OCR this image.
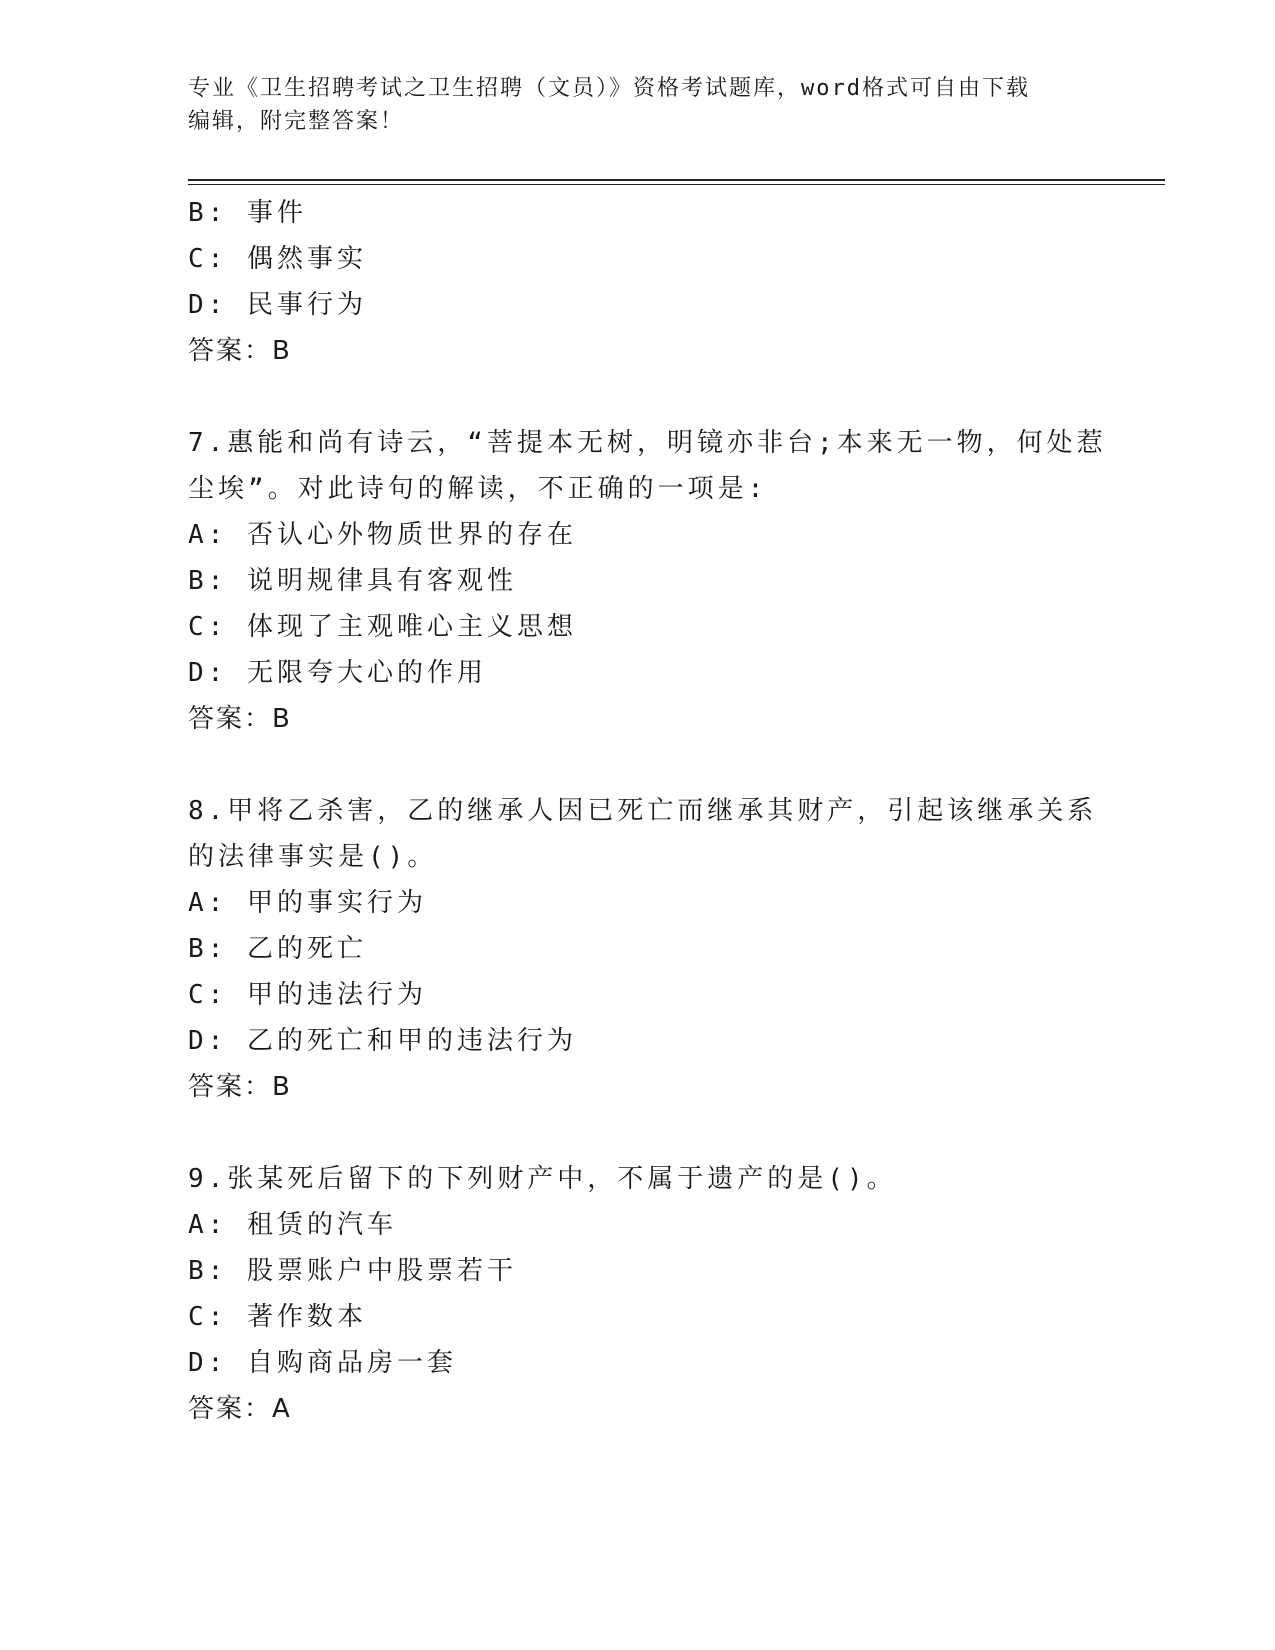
专业《卫生招聘考试之卫生招聘（文员）》资格考试题库，word格式可自由下载
编辑，附完整答案！
B: 事件
C: 偶然事实
D: 民事行为
答案：B
7.惠能和尚有诗云，“菩提本无树，明镜亦非台;本来无一物，何处惹
尘埃”。对此诗句的解读，不正确的一项是:
A: 否认心外物质世界的存在
B: 说明规律具有客观性
C: 体现了主观唯心主义思想
D: 无限夸大心的作用
答案：B
8.甲将乙杀害，乙的继承人因已死亡而继承其财产，引起该继承关系
的法律事实是()。
A: 甲的事实行为
B: 乙的死亡
C: 甲的违法行为
D: 乙的死亡和甲的违法行为
答案：B
9.张某死后留下的下列财产中，不属于遗产的是()。
A: 租赁的汽车
B: 股票账户中股票若干
C: 著作数本
D: 自购商品房一套
答案：A
